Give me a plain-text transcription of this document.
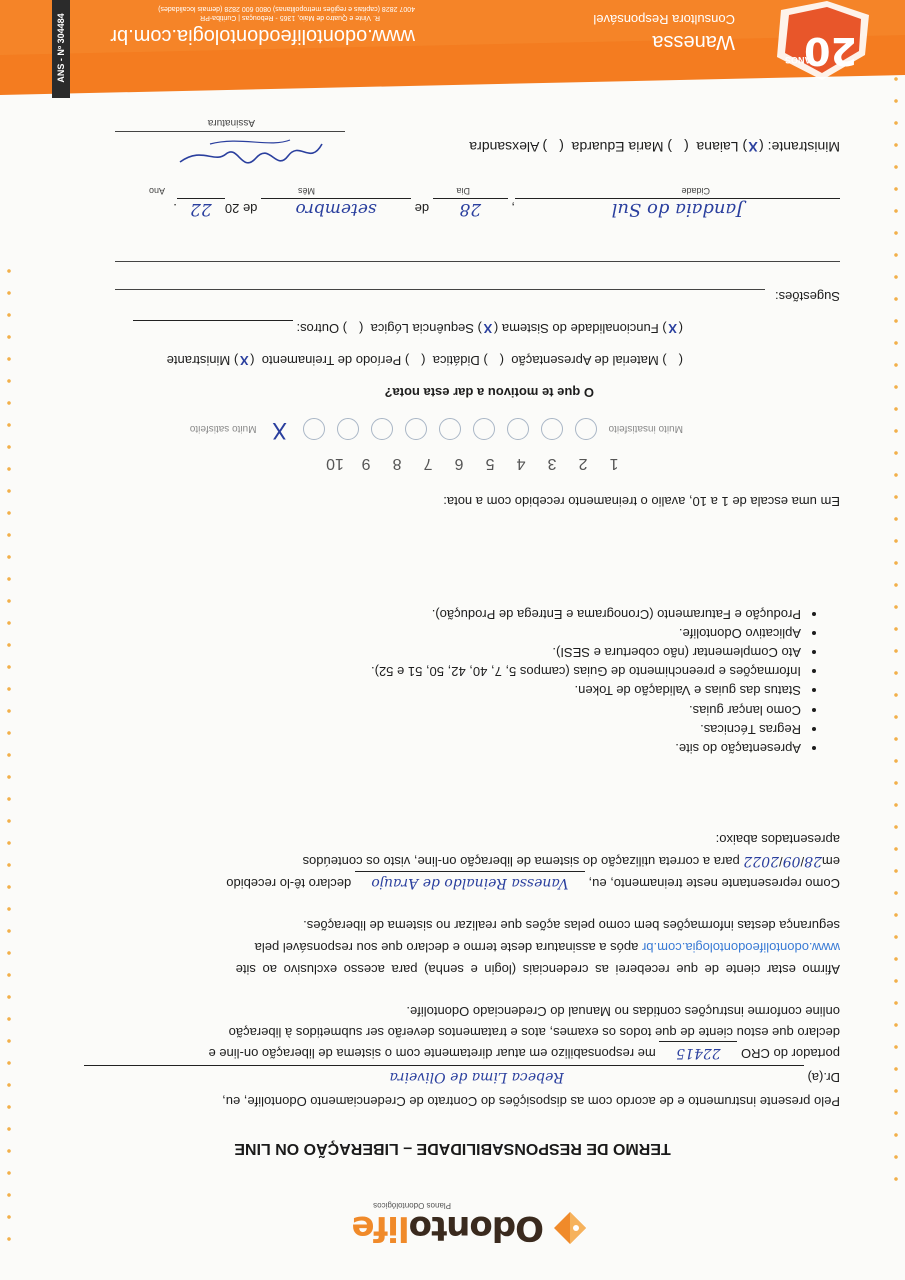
Odontolife
Planos Odontológicos
TERMO DE RESPONSABILIDADE – LIBERAÇÃO ON LINE
Pelo presente instrumento e de acordo com as disposições do Contrato de Credenciamento Odontolife, eu,
Dr.(a) Rebeca Lima de Oliveira
portador do CRO 22415 me responsabilizo em atuar diretamente com o sistema de liberação on-line e
declaro que estou ciente de que todos os exames, atos e tratamentos deverão ser submetidos à liberação
online conforme instruções contidas no Manual do Credenciado Odontolife.
Afirmo estar ciente de que receberei as credenciais (login e senha) para acesso exclusivo ao site
www.odontolifeodontologia.com.br após a assinatura deste termo e declaro que sou responsável pela
segurança destas informações bem como pelas ações que realizar no sistema de liberações.
Como representante neste treinamento, eu, Vanessa Reinaldo de Araujo declaro tê-lo recebido
em28/09/2022 para a correta utilização do sistema de liberação on-line, visto os conteúdos
apresentados abaixo:
• Apresentação do site.
• Regras Técnicas.
• Como lançar guias.
• Status das guias e Validação de Token.
• Informações e preenchimento de Guias (campos 5, 7, 40, 42, 50, 51 e 52).
• Ato Complementar (não cobertura e SESI).
• Aplicativo Odontolife.
• Produção e Faturamento (Cronograma e Entrega de Produção).
Em uma escala de 1 a 10, avalio o treinamento recebido com a nota:
1
2
3
4
5
6
7
8
9
10
Muito insatisfeito
X
Muito satisfeito
O que te motivou a dar esta nota?
() Material de Apresentação  () Didática  () Período de Treinamento  (X) Ministrante
(X) Funcionalidade do Sistema (X) Sequência Lógica  () Outros:
Sugestões:
Jandaia do Sul, 28 de setembro de 2022.
Cidade
Dia
Mês
Ano
Ministrante: (X) Laiana  () Maria Eduarda  () Alexsandra
Assinatura
20
ANOS
Wanessa
Consultora Responsável
www.odontolifeodontologia.com.br
R. Vinte e Quatro de Maio, 1365 - Rebouças | Curitiba-PR
4007 2828 (capitais e regiões metropolitanas) 0800 600 2828 (demais localidades)
ANS - Nº 304484
